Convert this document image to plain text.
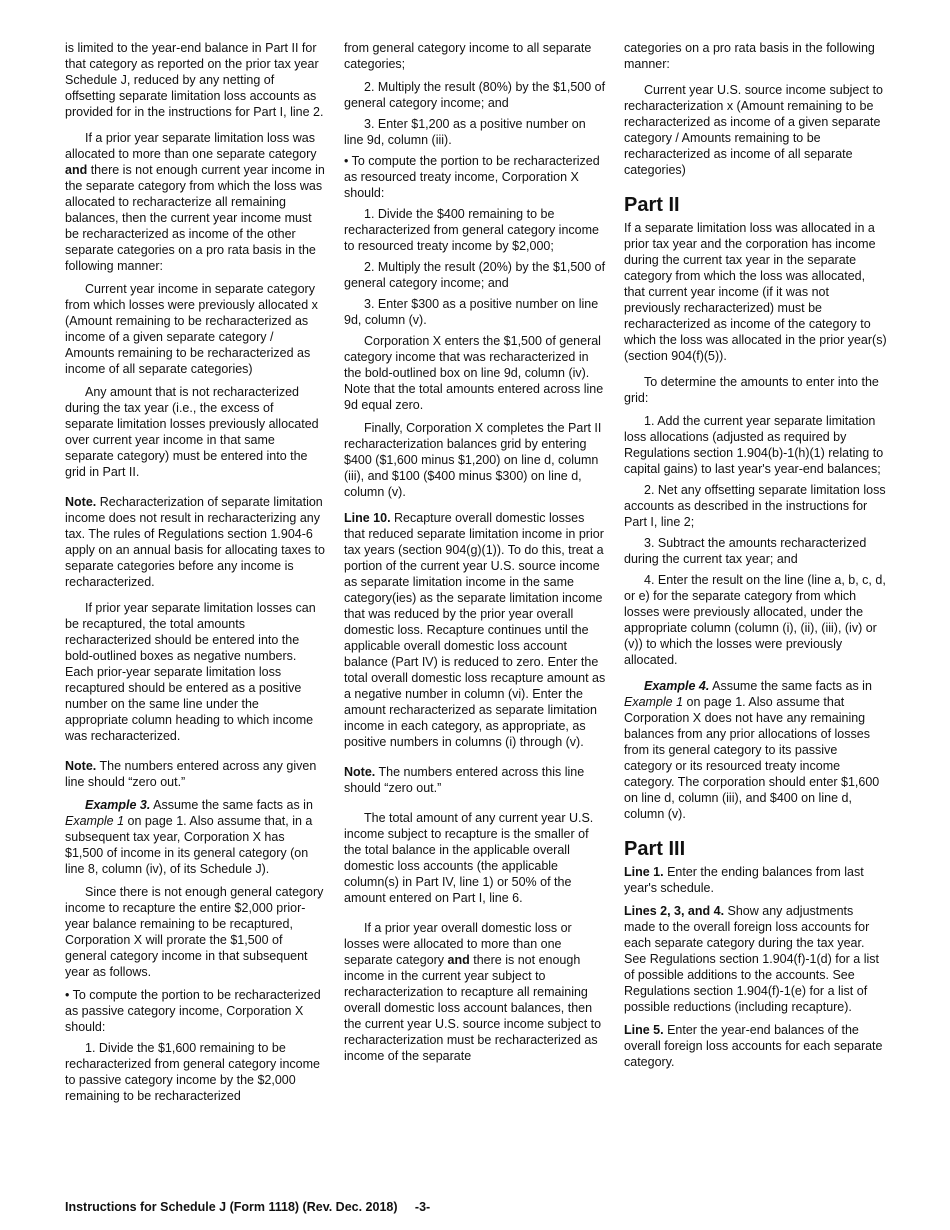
is limited to the year-end balance in Part II for that category as reported on the prior tax year Schedule J, reduced by any netting of offsetting separate limitation loss accounts as provided for in the instructions for Part I, line 2.

If a prior year separate limitation loss was allocated to more than one separate category and there is not enough current year income in the separate category from which the loss was allocated to recharacterize all remaining balances, then the current year income must be recharacterized as income of the other separate categories on a pro rata basis in the following manner:

Current year income in separate category from which losses were previously allocated x (Amount remaining to be recharacterized as income of a given separate category / Amounts remaining to be recharacterized as income of all separate categories)

Any amount that is not recharacterized during the tax year (i.e., the excess of separate limitation losses previously allocated over current year income in that same separate category) must be entered into the grid in Part II.

Note. Recharacterization of separate limitation income does not result in recharacterizing any tax. The rules of Regulations section 1.904-6 apply on an annual basis for allocating taxes to separate categories before any income is recharacterized.

If prior year separate limitation losses can be recaptured, the total amounts recharacterized should be entered into the bold-outlined boxes as negative numbers. Each prior-year separate limitation loss recaptured should be entered as a positive number on the same line under the appropriate column heading to which income was recharacterized.

Note. The numbers entered across any given line should “zero out.”

Example 3. Assume the same facts as in Example 1 on page 1. Also assume that, in a subsequent tax year, Corporation X has $1,500 of income in its general category (on line 8, column (iv), of its Schedule J).

Since there is not enough general category income to recapture the entire $2,000 prior-year balance remaining to be recaptured, Corporation X will prorate the $1,500 of general category income in that subsequent year as follows.

• To compute the portion to be recharacterized as passive category income, Corporation X should:

1. Divide the $1,600 remaining to be recharacterized from general category income to passive category income by the $2,000 remaining to be recharacterized

from general category income to all separate categories;

2. Multiply the result (80%) by the $1,500 of general category income; and

3. Enter $1,200 as a positive number on line 9d, column (iii).

• To compute the portion to be recharacterized as resourced treaty income, Corporation X should:

1. Divide the $400 remaining to be recharacterized from general category income to resourced treaty income by $2,000;

2. Multiply the result (20%) by the $1,500 of general category income; and

3. Enter $300 as a positive number on line 9d, column (v).

Corporation X enters the $1,500 of general category income that was recharacterized in the bold-outlined box on line 9d, column (iv). Note that the total amounts entered across line 9d equal zero.

Finally, Corporation X completes the Part II recharacterization balances grid by entering $400 ($1,600 minus $1,200) on line d, column (iii), and $100 ($400 minus $300) on line d, column (v).

Line 10. Recapture overall domestic losses that reduced separate limitation income in prior tax years (section 904(g)(1)). To do this, treat a portion of the current year U.S. source income as separate limitation income in the same category(ies) as the separate limitation income that was reduced by the prior year overall domestic loss. Recapture continues until the applicable overall domestic loss account balance (Part IV) is reduced to zero. Enter the total overall domestic loss recapture amount as a negative number in column (vi). Enter the amount recharacterized as separate limitation income in each category, as appropriate, as positive numbers in columns (i) through (v).

Note. The numbers entered across this line should “zero out.”

The total amount of any current year U.S. income subject to recapture is the smaller of the total balance in the applicable overall domestic loss accounts (the applicable column(s) in Part IV, line 1) or 50% of the amount entered on Part I, line 6.

If a prior year overall domestic loss or losses were allocated to more than one separate category and there is not enough income in the current year subject to recharacterization to recapture all remaining overall domestic loss account balances, then the current year U.S. source income subject to recharacterization must be recharacterized as income of the separate

categories on a pro rata basis in the following manner:

Current year U.S. source income subject to recharacterization x (Amount remaining to be recharacterized as income of a given separate category / Amounts remaining to be recharacterized as income of all separate categories)

Part II

If a separate limitation loss was allocated in a prior tax year and the corporation has income during the current tax year in the separate category from which the loss was allocated, that current year income (if it was not previously recharacterized) must be recharacterized as income of the category to which the loss was allocated in the prior year(s) (section 904(f)(5)).

To determine the amounts to enter into the grid:

1. Add the current year separate limitation loss allocations (adjusted as required by Regulations section 1.904(b)-1(h)(1) relating to capital gains) to last year's year-end balances;

2. Net any offsetting separate limitation loss accounts as described in the instructions for Part I, line 2;

3. Subtract the amounts recharacterized during the current tax year; and

4. Enter the result on the line (line a, b, c, d, or e) for the separate category from which losses were previously allocated, under the appropriate column (column (i), (ii), (iii), (iv) or (v)) to which the losses were previously allocated.

Example 4. Assume the same facts as in Example 1 on page 1. Also assume that Corporation X does not have any remaining balances from any prior allocations of losses from its general category to its passive category or its resourced treaty income category. The corporation should enter $1,600 on line d, column (iii), and $400 on line d, column (v).

Part III

Line 1. Enter the ending balances from last year's schedule.

Lines 2, 3, and 4. Show any adjustments made to the overall foreign loss accounts for each separate category during the tax year. See Regulations section 1.904(f)-1(d) for a list of possible additions to the accounts. See Regulations section 1.904(f)-1(e) for a list of possible reductions (including recapture).

Line 5. Enter the year-end balances of the overall foreign loss accounts for each separate category.

Instructions for Schedule J (Form 1118) (Rev. Dec. 2018) -3-
